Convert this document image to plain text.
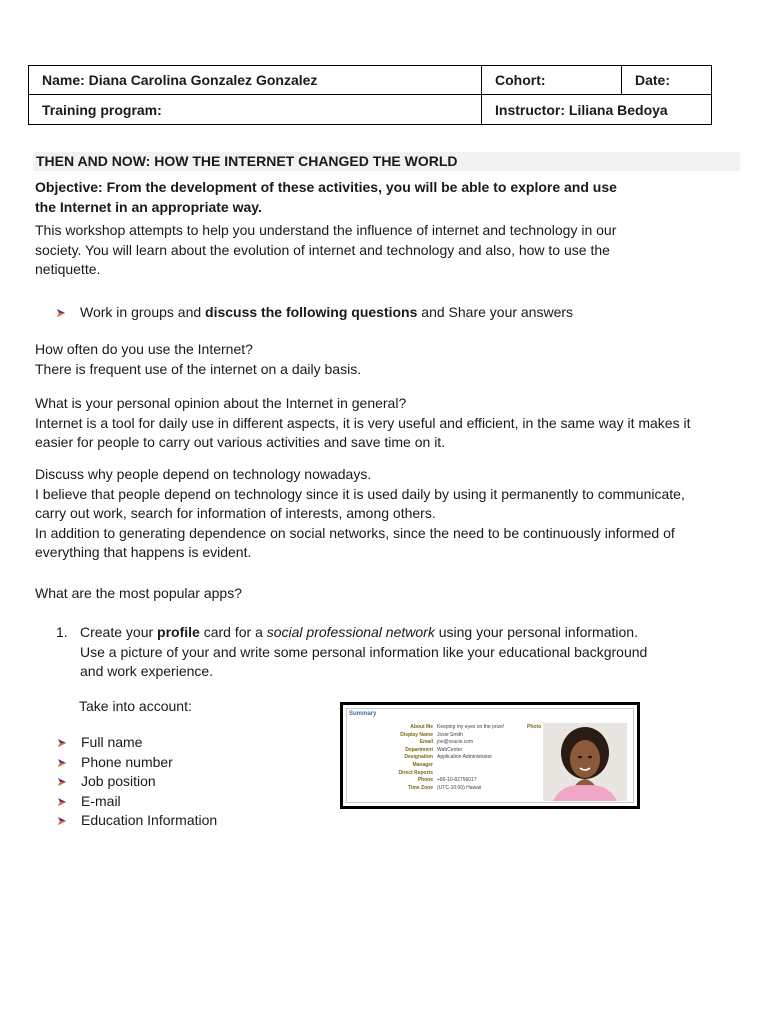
Name: Diana Carolina Gonzalez Gonzalez	Cohort:	Date:
Training program:	Instructor: Liliana Bedoya	
THEN AND NOW: HOW THE INTERNET CHANGED THE WORLD
Objective: From the development of these activities, you will be able to explore and use
the Internet in an appropriate way.
This workshop attempts to help you understand the influence of internet and technology in our
society. You will learn about the evolution of internet and technology and also, how to use the
netiquette.
Work in groups and discuss the following questions and Share your answers
How often do you use the Internet?
There is frequent use of the internet on a daily basis.
What is your personal opinion about the Internet in general?
Internet is a tool for daily use in different aspects, it is very useful and efficient, in the same way it makes it
easier for people to carry out various activities and save time on it.
Discuss why people depend on technology nowadays.
I believe that people depend on technology since it is used daily by using it permanently to communicate,
carry out work, search for information of interests, among others.
In addition to generating dependence on social networks, since the need to be continuously informed of
everything that happens is evident.
What are the most popular apps?
1. Create your profile card for a social professional network using your personal information.
Use a picture of your and write some personal information like your educational background
and work experience.
Take into account:
Full name
Phone number
Job position
E-mail
Education Information
Summary
About Me Keeping my eyes on the prize!
Display Name Josie Smith
Email joe@oracle.com
Department WebCenter
Designation Application Administrator
Manager
Direct Reports
Phone +86-10-82756017
Time Zone (UTC-10:00) Hawaii
Photo
